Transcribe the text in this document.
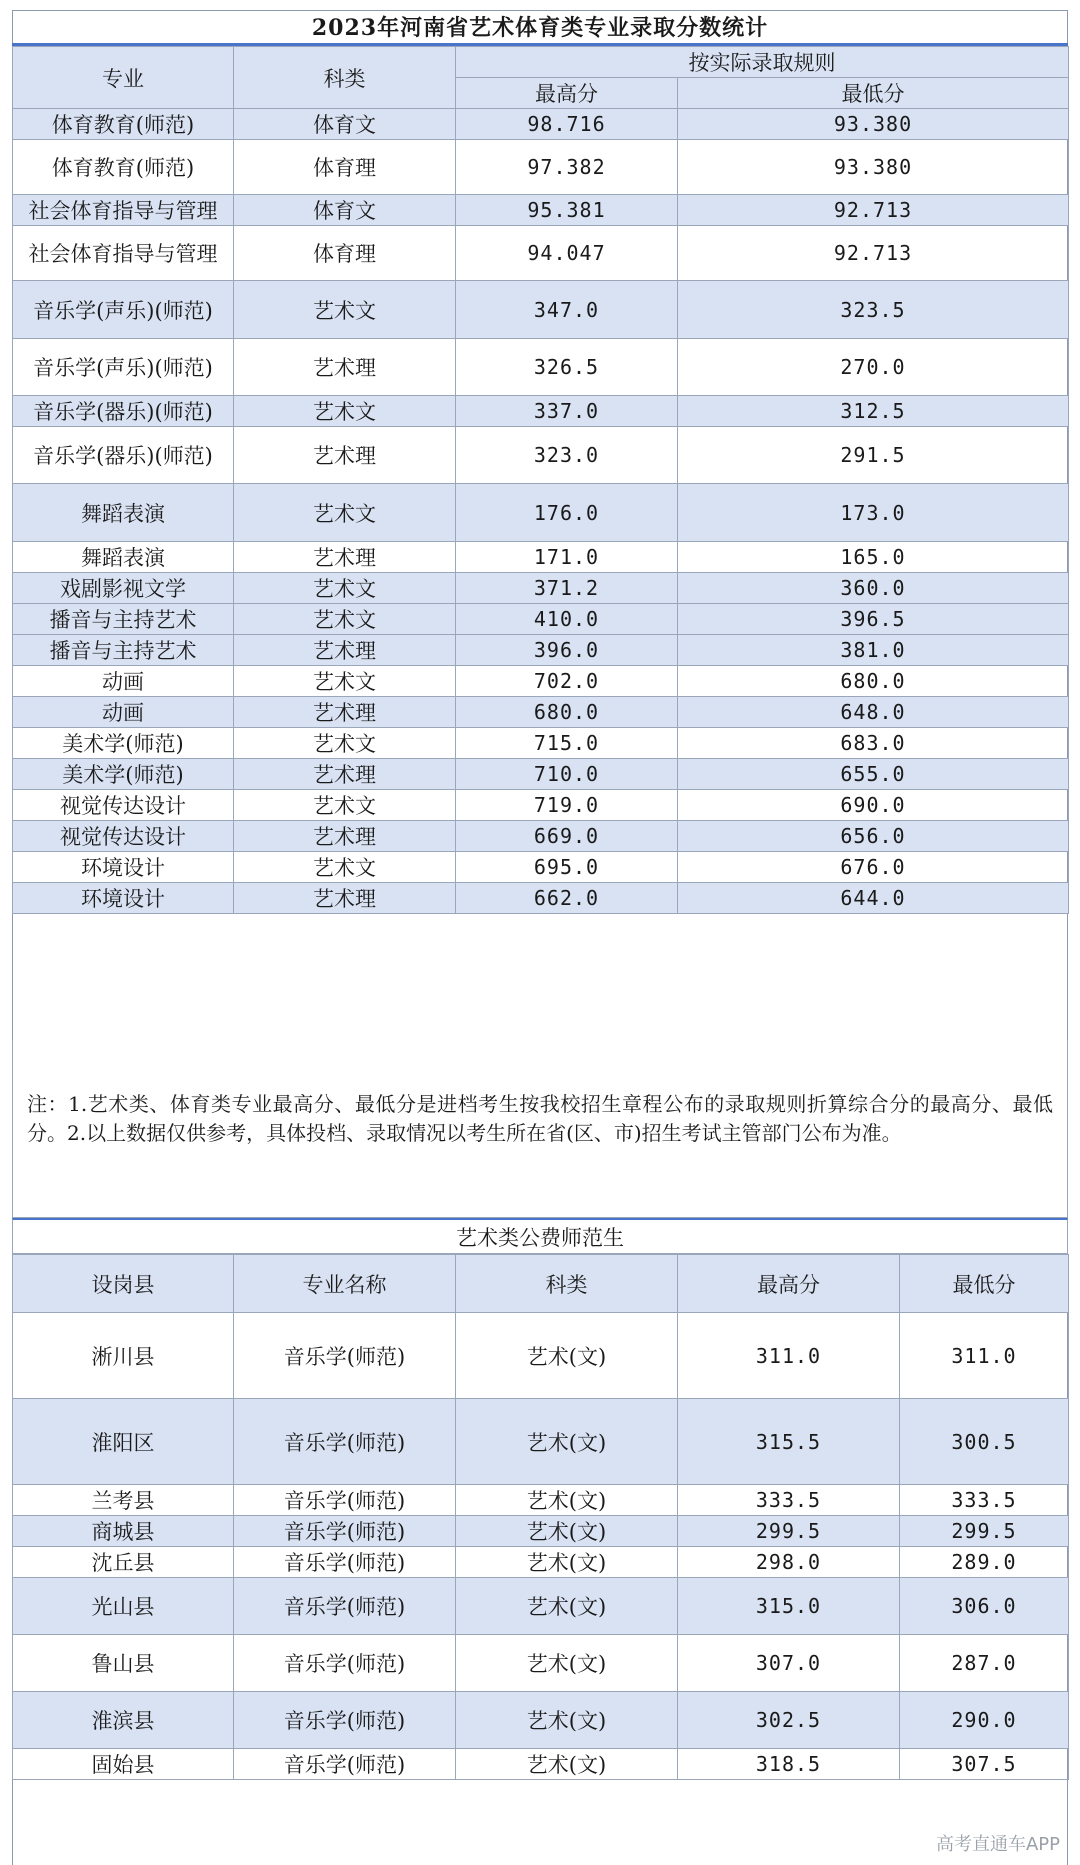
2023年河南省艺术体育类专业录取分数统计
专业	科类	按实际录取规则	
		最高分	最低分
体育教育(师范)	体育文	98.716	93.380
体育教育(师范)	体育理	97.382	93.380
社会体育指导与管理	体育文	95.381	92.713
社会体育指导与管理	体育理	94.047	92.713
音乐学(声乐)(师范)	艺术文	347.0	323.5
音乐学(声乐)(师范)	艺术理	326.5	270.0
音乐学(器乐)(师范)	艺术文	337.0	312.5
音乐学(器乐)(师范)	艺术理	323.0	291.5
舞蹈表演	艺术文	176.0	173.0
舞蹈表演	艺术理	171.0	165.0
戏剧影视文学	艺术文	371.2	360.0
播音与主持艺术	艺术文	410.0	396.5
播音与主持艺术	艺术理	396.0	381.0
动画	艺术文	702.0	680.0
动画	艺术理	680.0	648.0
美术学(师范)	艺术文	715.0	683.0
美术学(师范)	艺术理	710.0	655.0
视觉传达设计	艺术文	719.0	690.0
视觉传达设计	艺术理	669.0	656.0
环境设计	艺术文	695.0	676.0
环境设计	艺术理	662.0	644.0
注：1.艺术类、体育类专业最高分、最低分是进档考生按我校招生章程公布的录取规则折算综合分的最高分、最低分。2.以上数据仅供参考，具体投档、录取情况以考生所在省(区、市)招生考试主管部门公布为准。
艺术类公费师范生
设岗县	专业名称	科类	最高分	最低分
淅川县	音乐学(师范)	艺术(文)	311.0	311.0
淮阳区	音乐学(师范)	艺术(文)	315.5	300.5
兰考县	音乐学(师范)	艺术(文)	333.5	333.5
商城县	音乐学(师范)	艺术(文)	299.5	299.5
沈丘县	音乐学(师范)	艺术(文)	298.0	289.0
光山县	音乐学(师范)	艺术(文)	315.0	306.0
鲁山县	音乐学(师范)	艺术(文)	307.0	287.0
淮滨县	音乐学(师范)	艺术(文)	302.5	290.0
固始县	音乐学(师范)	艺术(文)	318.5	307.5
高考直通车APP
